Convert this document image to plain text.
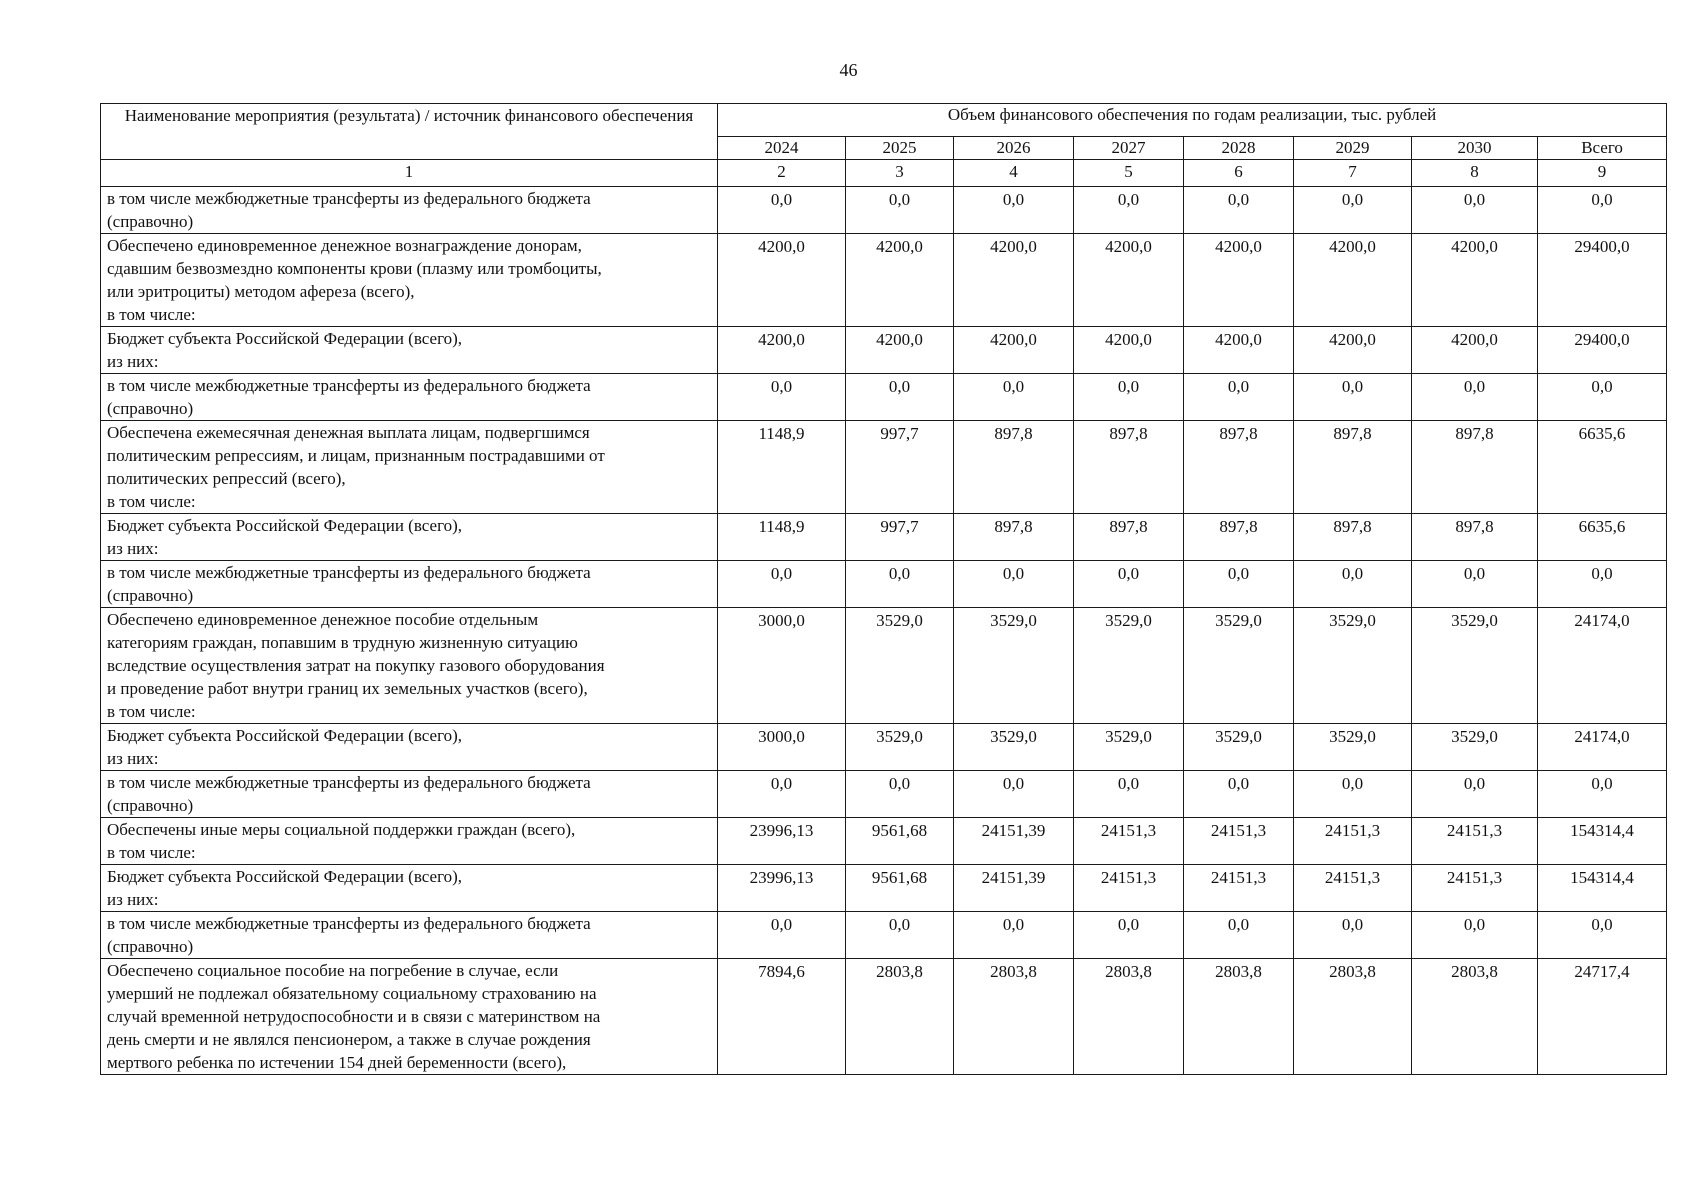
46
Наименование мероприятия (результата) / источник финансового обеспечения	Объем финансового обеспечения по годам реализации, тыс. рублей							
	2024	2025	2026	2027	2028	2029	2030	Всего
1	2	3	4	5	6	7	8	9
в том числе межбюджетные трансферты из федерального бюджета
(справочно)	0,0	0,0	0,0	0,0	0,0	0,0	0,0	0,0
Обеспечено единовременное денежное вознаграждение донорам,
сдавшим безвозмездно компоненты крови (плазму или тромбоциты,
или эритроциты) методом афереза (всего),
в том числе:	4200,0	4200,0	4200,0	4200,0	4200,0	4200,0	4200,0	29400,0
Бюджет субъекта Российской Федерации (всего),
из них:	4200,0	4200,0	4200,0	4200,0	4200,0	4200,0	4200,0	29400,0
в том числе межбюджетные трансферты из федерального бюджета
(справочно)	0,0	0,0	0,0	0,0	0,0	0,0	0,0	0,0
Обеспечена ежемесячная денежная выплата лицам, подвергшимся
политическим репрессиям, и лицам, признанным пострадавшими от
политических репрессий (всего),
в том числе:	1148,9	997,7	897,8	897,8	897,8	897,8	897,8	6635,6
Бюджет субъекта Российской Федерации (всего),
из них:	1148,9	997,7	897,8	897,8	897,8	897,8	897,8	6635,6
в том числе межбюджетные трансферты из федерального бюджета
(справочно)	0,0	0,0	0,0	0,0	0,0	0,0	0,0	0,0
Обеспечено единовременное денежное пособие отдельным
категориям граждан, попавшим в трудную жизненную ситуацию
вследствие осуществления затрат на покупку газового оборудования
и проведение работ внутри границ их земельных участков (всего),
в том числе:	3000,0	3529,0	3529,0	3529,0	3529,0	3529,0	3529,0	24174,0
Бюджет субъекта Российской Федерации (всего),
из них:	3000,0	3529,0	3529,0	3529,0	3529,0	3529,0	3529,0	24174,0
в том числе межбюджетные трансферты из федерального бюджета
(справочно)	0,0	0,0	0,0	0,0	0,0	0,0	0,0	0,0
Обеспечены иные меры социальной поддержки граждан (всего),
в том числе:	23996,13	9561,68	24151,39	24151,3	24151,3	24151,3	24151,3	154314,4
Бюджет субъекта Российской Федерации (всего),
из них:	23996,13	9561,68	24151,39	24151,3	24151,3	24151,3	24151,3	154314,4
в том числе межбюджетные трансферты из федерального бюджета
(справочно)	0,0	0,0	0,0	0,0	0,0	0,0	0,0	0,0
Обеспечено социальное пособие на погребение в случае, если
умерший не подлежал обязательному социальному страхованию на
случай временной нетрудоспособности и в связи с материнством на
день смерти и не являлся пенсионером, а также в случае рождения
мертвого ребенка по истечении 154 дней беременности (всего),	7894,6	2803,8	2803,8	2803,8	2803,8	2803,8	2803,8	24717,4
